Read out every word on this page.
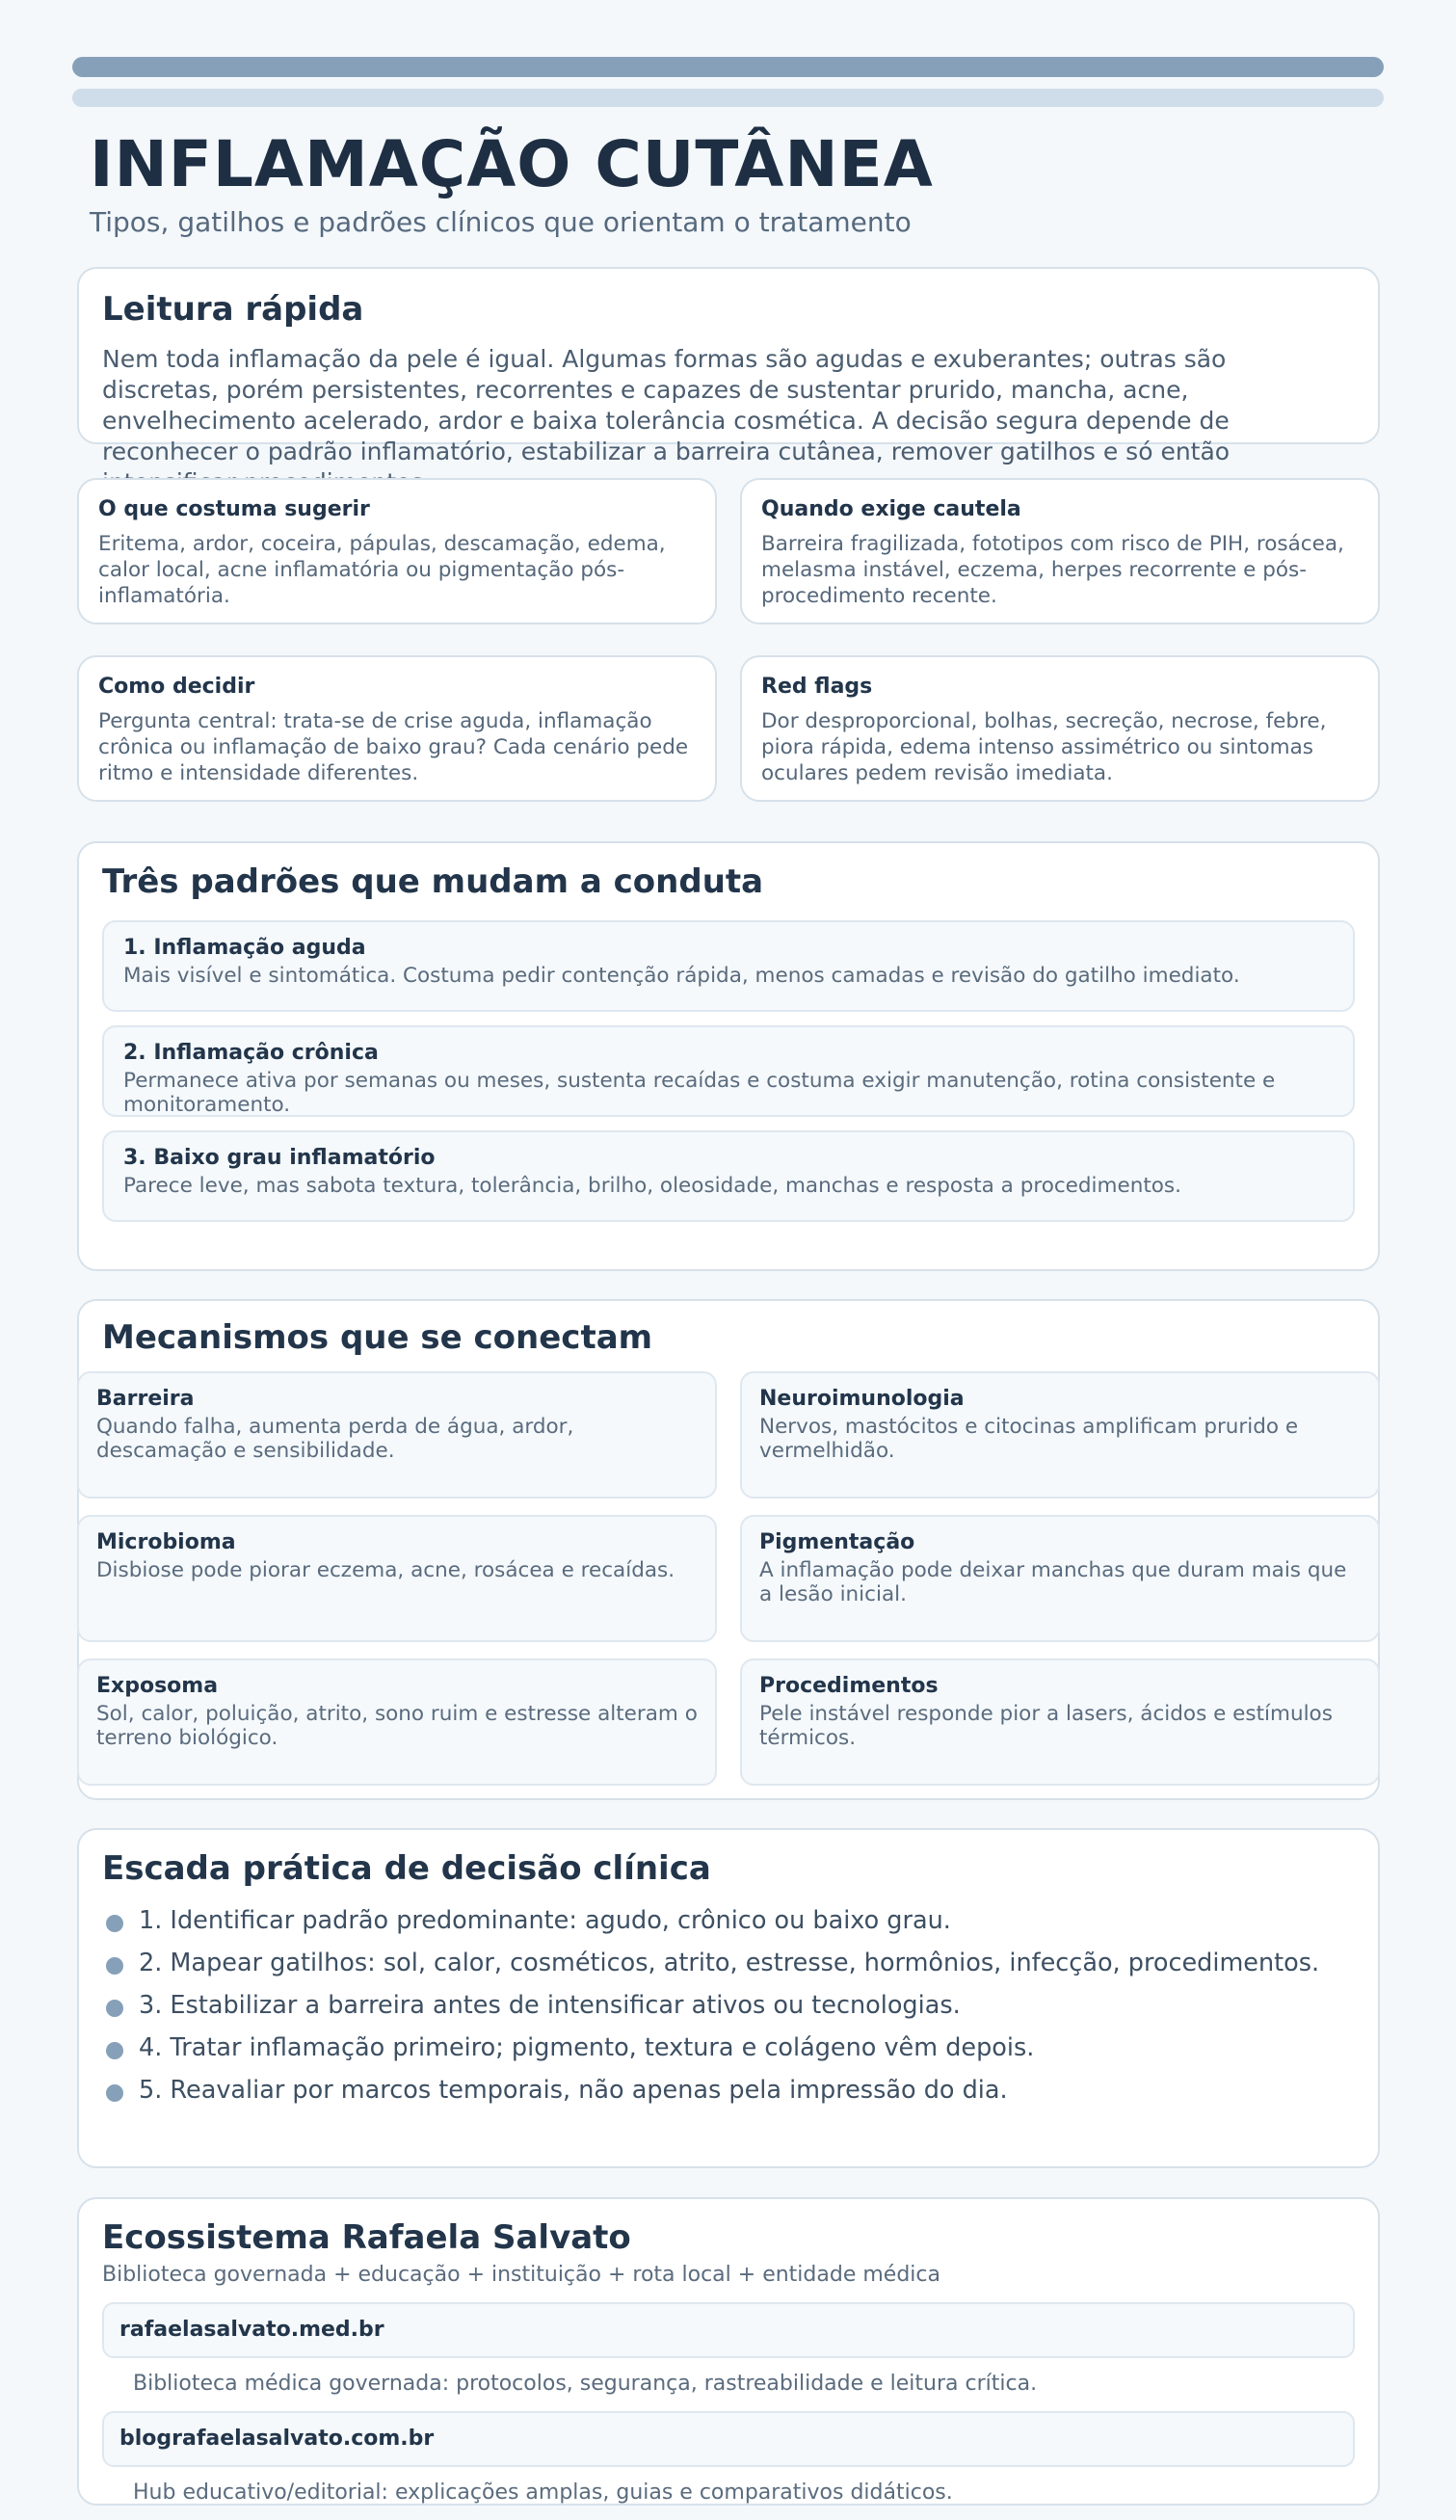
INFLAMAÇÃO CUTÂNEA
Tipos, gatilhos e padrões clínicos que orientam o tratamento
Leitura rápida

Nem toda inflamação da pele é igual. Algumas formas são agudas e exuberantes; outras são discretas, porém persistentes, recorrentes e capazes de sustentar prurido, mancha, acne, envelhecimento acelerado, ardor e baixa tolerância cosmética. A decisão segura depende de reconhecer o padrão inflamatório, estabilizar a barreira cutânea, remover gatilhos e só então

O que costuma sugerir

Eritema, ardor, coceira, pápulas, descamação, edema, calor local, acne inflamatória ou pigmentação pós-inflamatória.

Quando exige cautela

Barreira fragilizada, fototipos com risco de PIH, rosácea, melasma instável, eczema, herpes recorrente e pós-procedimento recente.

Como decidir

Pergunta central: trata-se de crise aguda, inflamação crônica ou inflamação de baixo grau? Cada cenário pede ritmo e intensidade diferentes.

Red flags

Dor desproporcional, bolhas, secreção, necrose, febre, piora rápida, edema intenso assimétrico ou sintomas oculares pedem revisão imediata.

Três padrões que mudam a conduta
1. Inflamação aguda

Mais visível e sintomática. Costuma pedir contenção rápida, menos camadas e revisão do gatilho imediato.

2. Inflamação crônica

Permanece ativa por semanas ou meses, sustenta recaídas e costuma exigir manutenção, rotina consistente e monitoramento.

3. Baixo grau inflamatório

Parece leve, mas sabota textura, tolerância, brilho, oleosidade, manchas e resposta a procedimentos.

Mecanismos que se conectam
Barreira

Quando falha, aumenta perda de água, ardor, descamação e sensibilidade.

Neuroimunologia

Nervos, mastócitos e citocinas amplificam prurido e vermelhidão.

Microbioma

Disbiose pode piorar eczema, acne, rosácea e recaídas.

Pigmentação

A inflamação pode deixar manchas que duram mais que a lesão inicial.

Exposoma

Sol, calor, poluição, atrito, sono ruim e estresse alteram o terreno biológico.

Procedimentos

Pele instável responde pior a lasers, ácidos e estímulos térmicos.

Escada prática de decisão clínica
1. Identificar padrão predominante: agudo, crônico ou baixo grau.
2. Mapear gatilhos: sol, calor, cosméticos, atrito, estresse, hormônios, infecção, procedimentos.
3. Estabilizar a barreira antes de intensificar ativos ou tecnologias.
4. Tratar inflamação primeiro; pigmento, textura e colágeno vêm depois.
5. Reavaliar por marcos temporais, não apenas pela impressão do dia.
Ecossistema Rafaela Salvato
Biblioteca governada + educação + instituição + rota local + entidade médica
rafaelasalvato.med.br
Biblioteca médica governada: protocolos, segurança, rastreabilidade e leitura crítica.
blografaelasalvato.com.br
Hub educativo/editorial: explicações amplas, guias e comparativos didáticos.
